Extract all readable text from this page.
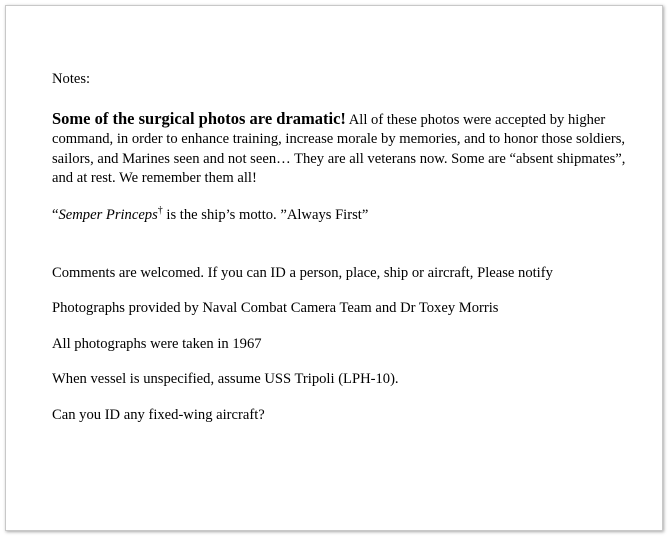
Notes:

Some of the surgical photos are dramatic! All of these photos were accepted by higher command, in order to enhance training, increase morale by memories, and to honor those soldiers, sailors, and Marines seen and not seen… They are all veterans now. Some are “absent shipmates”, and at rest. We remember them all!

“Semper Princeps† is the ship’s motto. ”Always First”

Comments are welcomed. If you can ID a person, place, ship or aircraft, Please notify

Photographs provided by Naval Combat Camera Team and Dr Toxey Morris

All photographs were taken in 1967

When vessel is unspecified, assume USS Tripoli (LPH-10).

Can you ID any fixed-wing aircraft?
